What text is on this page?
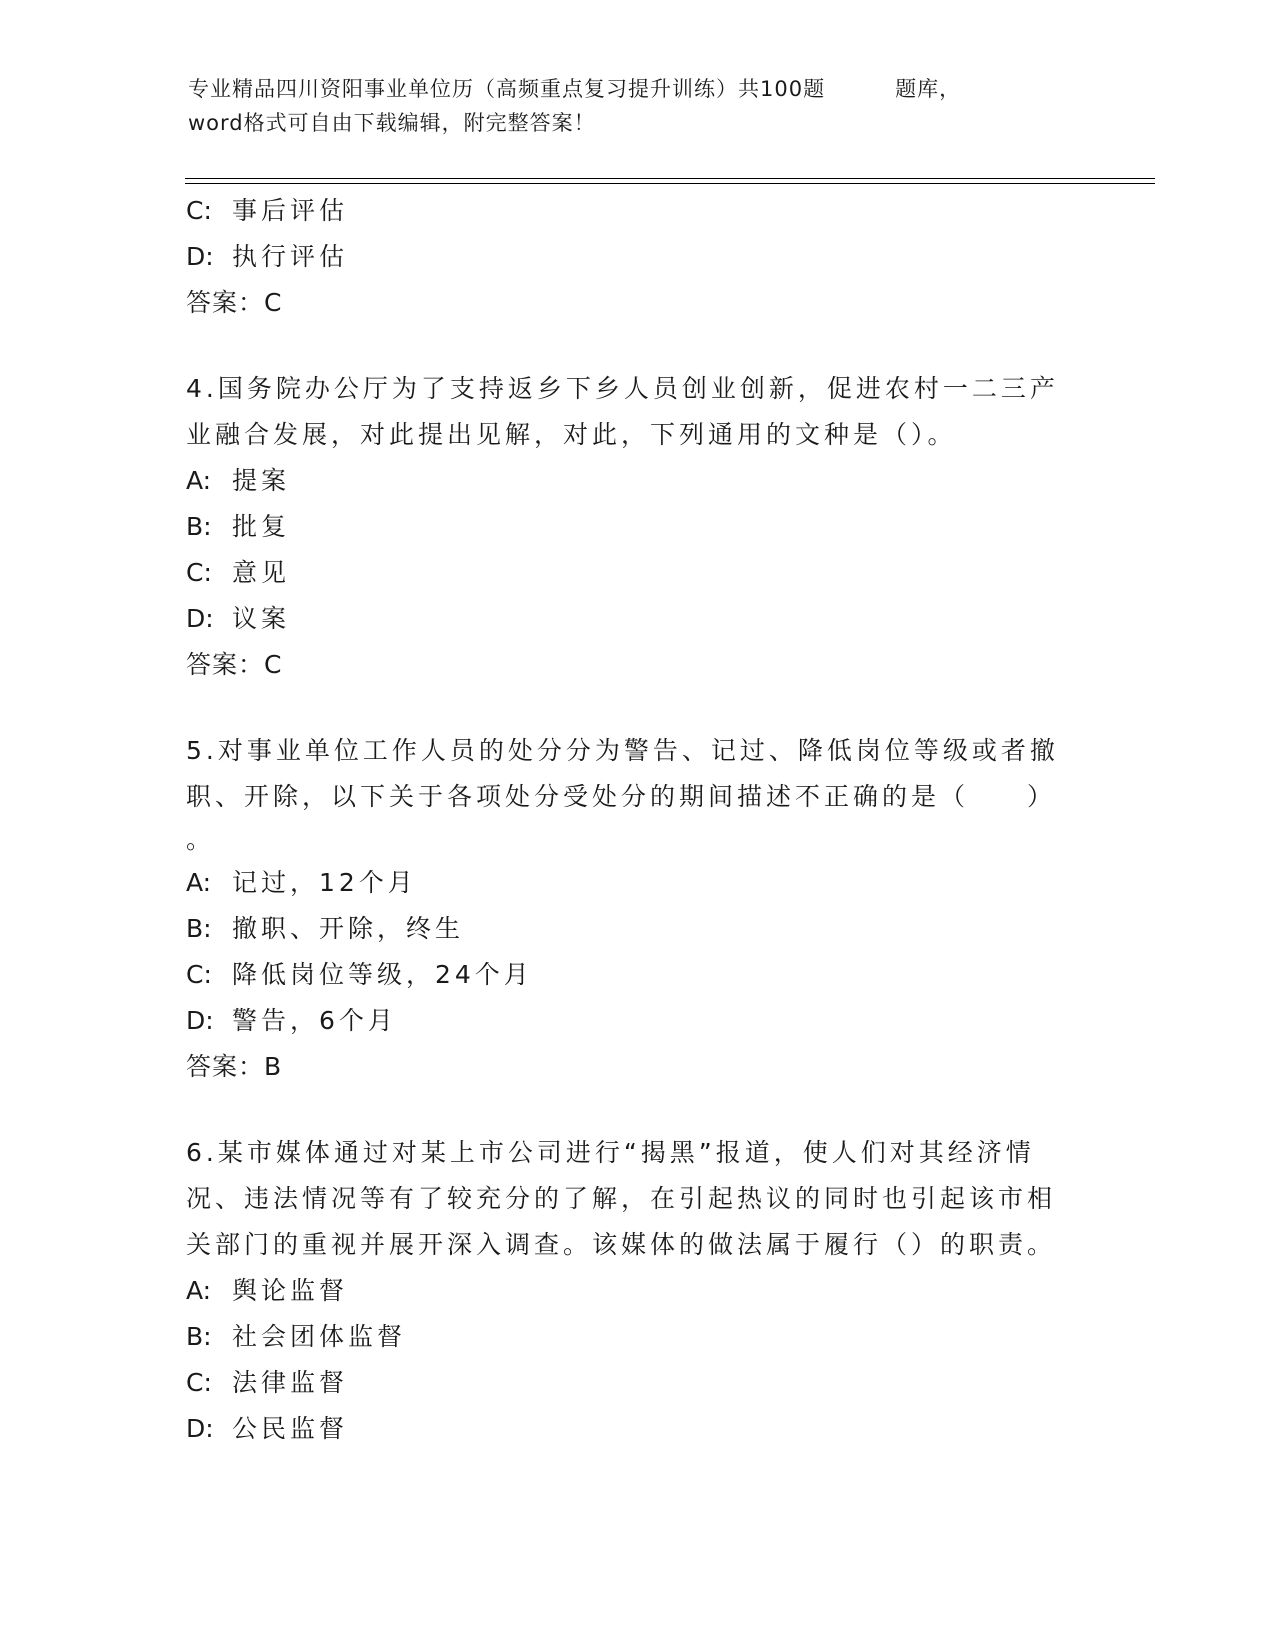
专业精品四川资阳事业单位历（高频重点复习提升训练）共100题	题库，
word格式可自由下载编辑，附完整答案！
C: 事后评估
D: 执行评估
答案：C
4.国务院办公厅为了支持返乡下乡人员创业创新，促进农村一二三产
业融合发展，对此提出见解，对此，下列通用的文种是（）。
A: 提案
B: 批复
C: 意见
D: 议案
答案：C
5.对事业单位工作人员的处分分为警告、记过、降低岗位等级或者撤
职、开除，以下关于各项处分受处分的期间描述不正确的是（　　）
。
A: 记过，12个月
B: 撤职、开除，终生
C: 降低岗位等级，24个月
D: 警告，6个月
答案：B
6.某市媒体通过对某上市公司进行“揭黑”报道，使人们对其经济情
况、违法情况等有了较充分的了解，在引起热议的同时也引起该市相
关部门的重视并展开深入调查。该媒体的做法属于履行（）的职责。
A: 舆论监督
B: 社会团体监督
C: 法律监督
D: 公民监督
